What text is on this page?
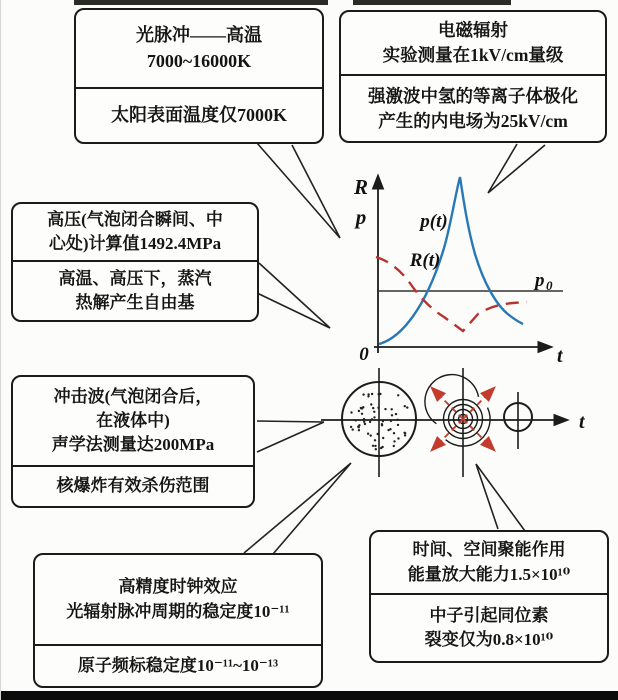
R
p	p(t)
R(t)
p 0
0	t
t
光脉冲——高温
7000~16000K
太阳表面温度仅7000K
电磁辐射
实验测量在1kV/cm量级
强激波中氢的等离子体极化
产生的内电场为25kV/cm
高压(气泡闭合瞬间、中
心处)计算值1492.4MPa
高温、高压下，蒸汽
热解产生自由基
冲击波(气泡闭合后，
在液体中)
声学法测量达200MPa
核爆炸有效杀伤范围
高精度时钟效应
光辐射脉冲周期的稳定度10⁻¹¹
原子频标稳定度10⁻¹¹~10⁻¹³
时间、空间聚能作用
能量放大能力1.5×10¹⁰
中子引起同位素
裂变仅为0.8×10¹⁰
